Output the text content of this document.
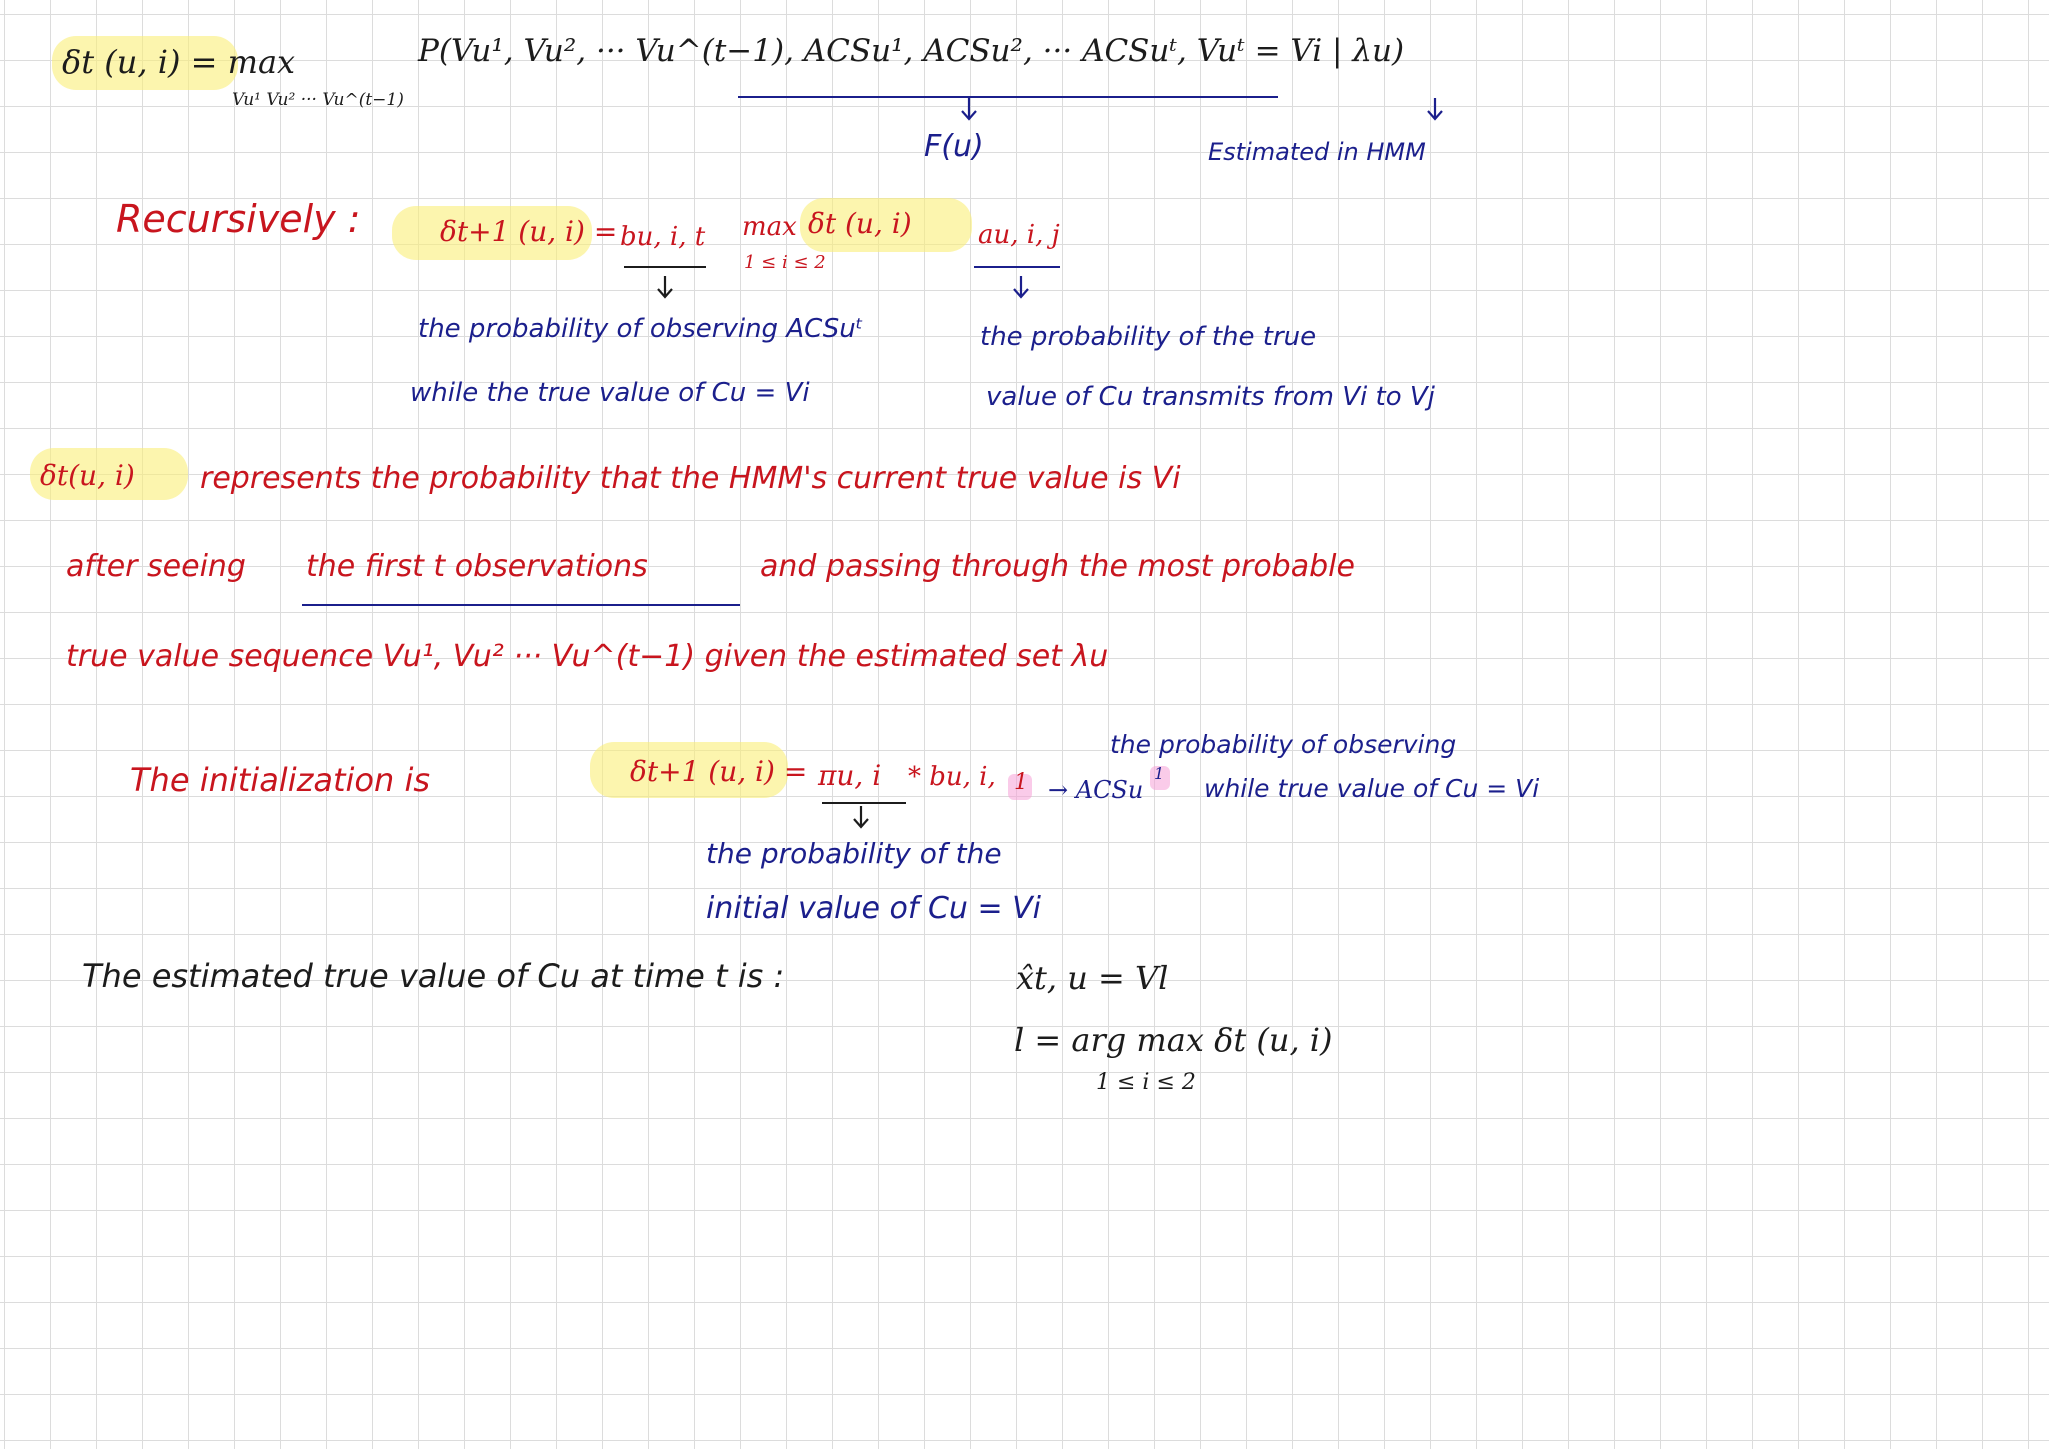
δt (u, i) = max
Vu¹ Vu² ··· Vu^(t−1)
P(Vu¹, Vu², ··· Vu^(t−1), ACSu¹, ACSu², ··· ACSuᵗ, Vuᵗ = Vi | λu)
F(u)	Estimated in HMM
Recursively :	δt+1 (u, i) = bu, i, t max
1 ≤ i ≤ 2
δt (u, i)	au, i, j
the probability of observing ACSuᵗ
while the true value of Cu = Vi
the probability of the true
value of Cu transmits from Vi to Vj
δt(u, i) represents the probability that the HMM's current true value is Vi
after seeing the first t observations	and passing through the most probable
true value sequence Vu¹, Vu² ··· Vu^(t−1) given the estimated set λu
The initialization is	δt+1 (u, i) = πu, i * bu, i, 1
the probability of observing
→ ACSu
1
while true value of Cu = Vi
the probability of the
initial value of Cu = Vi
The estimated true value of Cu at time t is :	x̂t, u = Vl
l = arg max δt (u, i)
1 ≤ i ≤ 2
